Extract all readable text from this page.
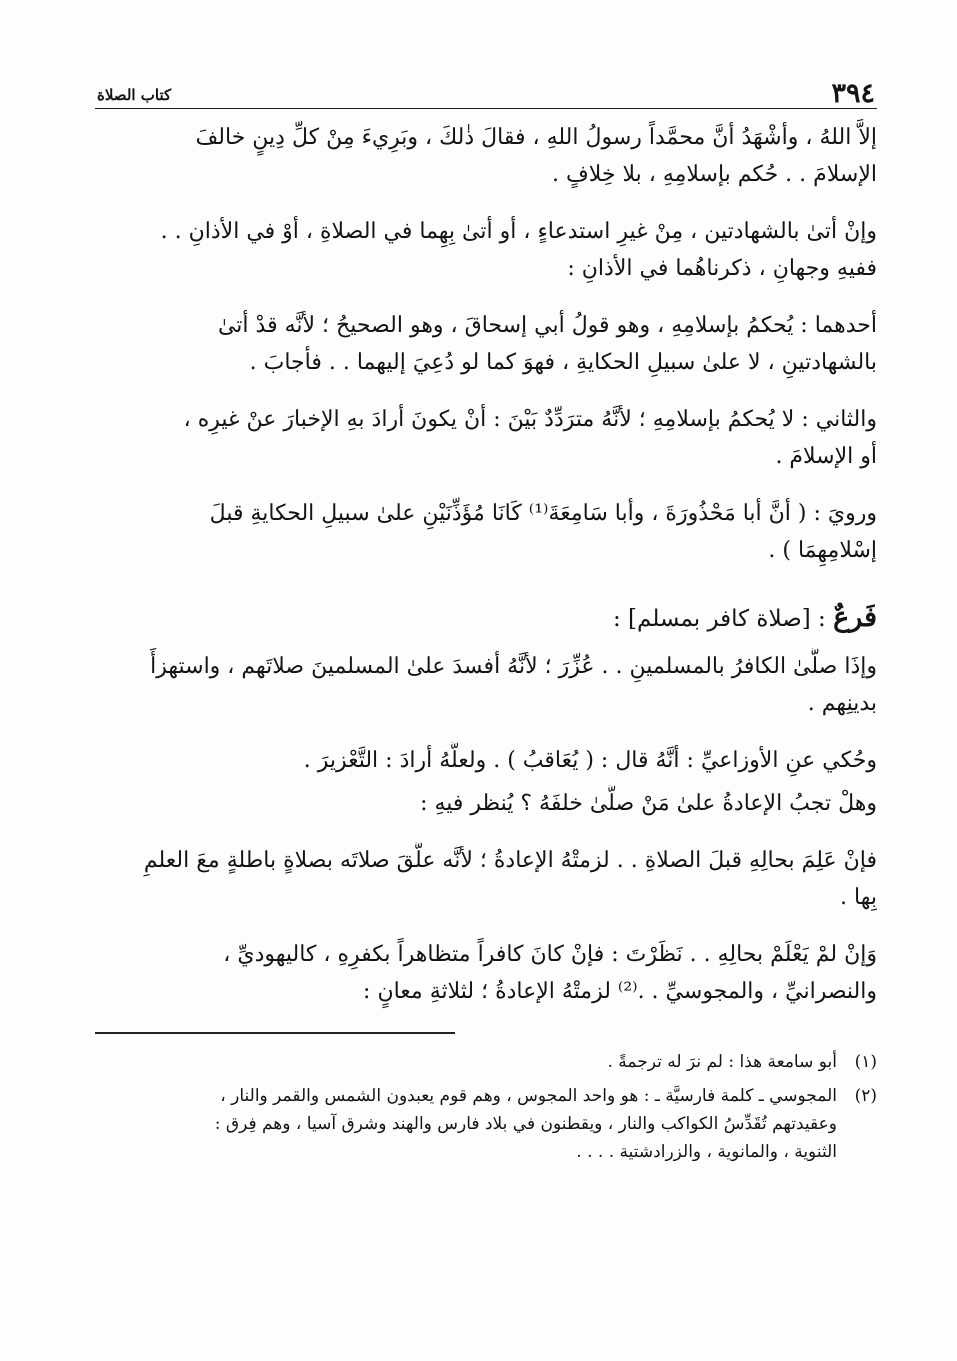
٣٩٤
كتاب الصلاة

إلاَّ اللهُ ، وأشْهَدُ أنَّ محمَّداً رسولُ اللهِ ، فقالَ ذٰلكَ ، وبَرِيءَ مِنْ كلِّ دِينٍ خالفَ
الإسلامَ . . حُكم بإسلامِهِ ، بلا خِلافٍ .

وإنْ أتىٰ بالشهادتين ، مِنْ غيرِ استدعاءٍ ، أو أتىٰ بِهِما في الصلاةِ ، أوْ في الأذانِ . .
ففيهِ وجهانِ ، ذكرناهُما في الأذانِ :

أحدهما : يُحكمُ بإسلامِهِ ، وهو قولُ أبي إسحاقَ ، وهو الصحيحُ ؛ لأنَّه قدْ أتىٰ
بالشهادتينِ ، لا علىٰ سبيلِ الحكايةِ ، فهوَ كما لو دُعِيَ إليهما . . فأجابَ .

والثاني : لا يُحكمُ بإسلامِهِ ؛ لأنَّهُ مترَدِّدٌ بَيْنَ : أنْ يكونَ أرادَ بهِ الإخبارَ عنْ غيرِه ،
أو الإسلامَ .

ورويَ : ( أنَّ أبا مَحْذُورَةَ ، وأبا سَامِعَةَ⁽¹⁾ كَانَا مُؤَذِّنَيْنِ علىٰ سبيلِ الحكايةِ قبلَ
إسْلامِهِمَا ) .

فَرعٌ : [صلاة كافر بمسلم] :

وإذَا صلَّىٰ الكافرُ بالمسلمينِ . . عُزِّرَ ؛ لأنَّهُ أفسدَ علىٰ المسلمينَ صلاتَهم ، واستهزأَ
بدينِهم .

وحُكي عنِ الأوزاعيِّ : أنَّهُ قال : ( يُعَاقبُ ) . ولعلَّهُ أرادَ : التَّعْزيرَ .

وهلْ تجبُ الإعادةُ علىٰ مَنْ صلَّىٰ خلفَهُ ؟ يُنظر فيهِ :

فإنْ عَلِمَ بحالِهِ قبلَ الصلاةِ . . لزمتْهُ الإعادةُ ؛ لأنَّه علَّقَ صلاتَه بصلاةٍ باطلةٍ معَ العلمِ
بِها .

وَإنْ لمْ يَعْلَمْ بحالِهِ . . نَظَرْتَ : فإنْ كانَ كافراً متظاهراً بكفرِهِ ، كاليهوديِّ ،
والنصرانيِّ ، والمجوسيِّ . .⁽²⁾ لزمتْهُ الإعادةُ ؛ لثلاثةِ معانٍ :

(١)
أبو سامعة هذا : لم نرَ له ترجمةً .
(٢)
المجوسي ـ كلمة فارسيَّة ـ : هو واحد المجوس ، وهم قوم يعبدون الشمس والقمر والنار ،
وعقيدتهم تُقَدِّسُ الكواكب والنار ، ويقطنون في بلاد فارس والهند وشرق آسيا ، وهم فِرق :
الثنوية ، والمانوية ، والزرادشتية . . . .
